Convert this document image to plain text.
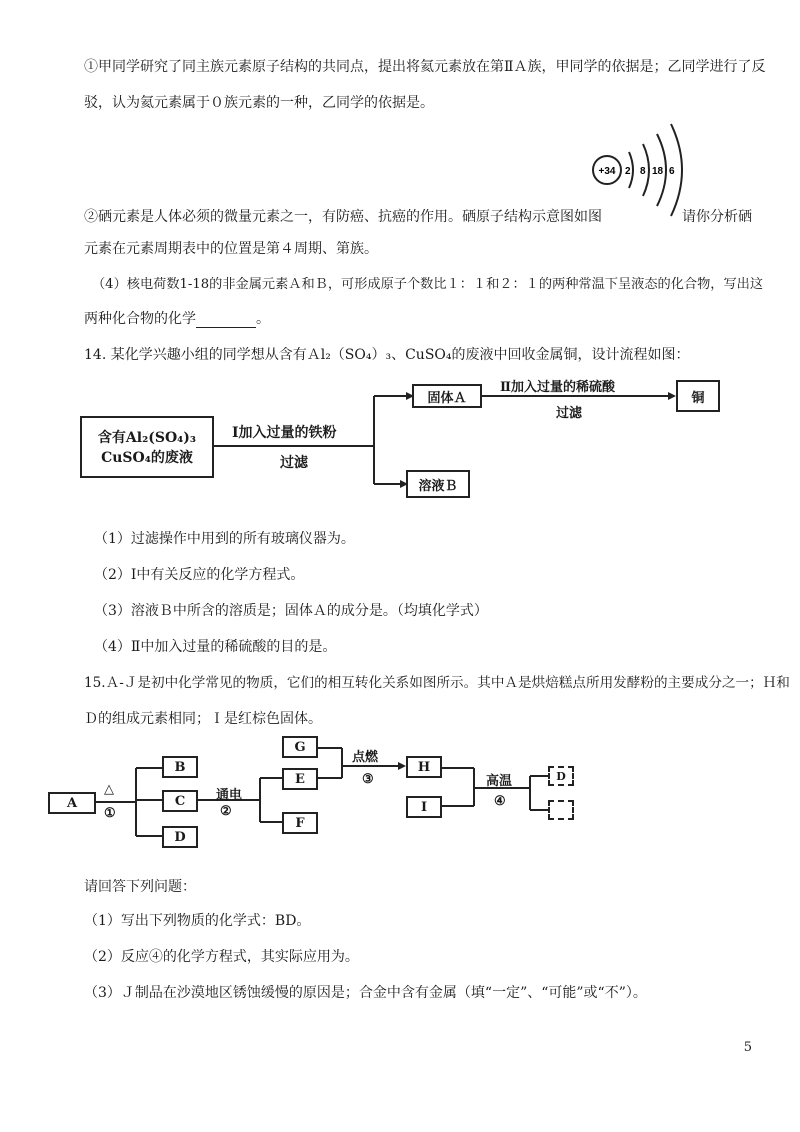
①甲同学研究了同主族元素原子结构的共同点，提出将氦元素放在第ⅡＡ族，甲同学的依据是；乙同学进行了反
驳，认为氦元素属于０族元素的一种，乙同学的依据是。
+34 2 8 18 6
②硒元素是人体必须的微量元素之一，有防癌、抗癌的作用。硒原子结构示意图如图	请你分析硒
元素在元素周期表中的位置是第４周期、第族。
（4）核电荷数1-18的非金属元素Ａ和Ｂ，可形成原子个数比１：１和２：１的两种常温下呈液态的化合物，写出这
两种化合物的化学	。
14. 某化学兴趣小组的同学想从含有Ａl₂（SO₄）₃、CuSO₄的废液中回收金属铜，设计流程如图：
含有Al₂(SO₄)₃
CuSO₄的废液
Ⅰ加入过量的铁粉
过滤
固体Ａ
溶液Ｂ
Ⅱ加入过量的稀硫酸
过滤
铜
（1）过滤操作中用到的所有玻璃仪器为。
（2）Ⅰ中有关反应的化学方程式。
（3）溶液Ｂ中所含的溶质是；固体Ａ的成分是。（均填化学式）
（4）Ⅱ中加入过量的稀硫酸的目的是。
15.Ａ-Ｊ是初中化学常见的物质，它们的相互转化关系如图所示。其中Ａ是烘焙糕点所用发酵粉的主要成分之一；Ｈ和
Ｄ的组成元素相同；Ｉ是红棕色固体。
A
△
①
B
C
D
通电
②
G
E
F
点燃
③
H
I
高温
④
D
请回答下列问题：
（1）写出下列物质的化学式：BD。
（2）反应④的化学方程式，其实际应用为。
（3）Ｊ制品在沙漠地区锈蚀缓慢的原因是；合金中含有金属（填“一定”、“可能”或“不”）。
5
